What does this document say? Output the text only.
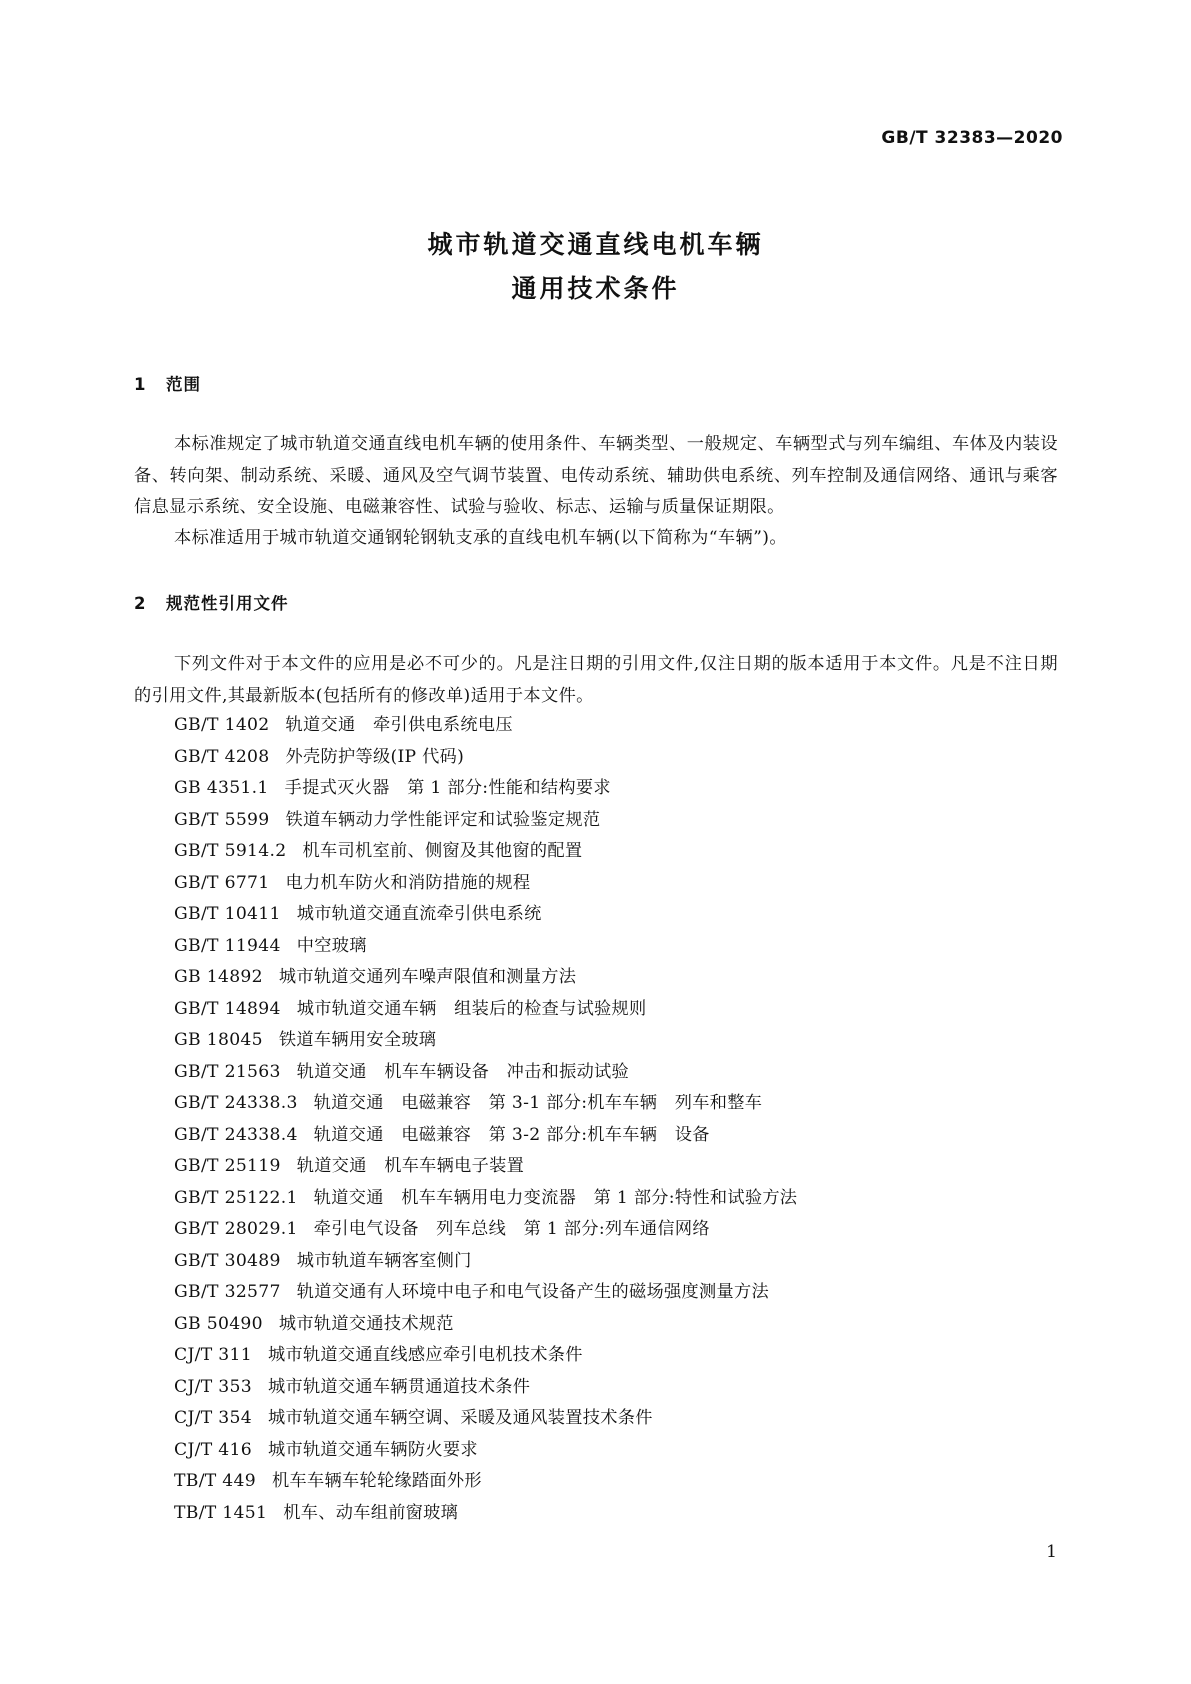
GB/T 32383—2020

城市轨道交通直线电机车辆
通用技术条件
1 范围

本标准规定了城市轨道交通直线电机车辆的使用条件、车辆类型、一般规定、车辆型式与列车编组、车体及内装设备、转向架、制动系统、采暖、通风及空气调节装置、电传动系统、辅助供电系统、列车控制及通信网络、通讯与乘客信息显示系统、安全设施、电磁兼容性、试验与验收、标志、运输与质量保证期限。

本标准适用于城市轨道交通钢轮钢轨支承的直线电机车辆(以下简称为“车辆”)。

2 规范性引用文件

下列文件对于本文件的应用是必不可少的。凡是注日期的引用文件,仅注日期的版本适用于本文件。凡是不注日期的引用文件,其最新版本(包括所有的修改单)适用于本文件。

GB/T 1402 轨道交通　牵引供电系统电压
GB/T 4208 外壳防护等级(IP 代码)
GB 4351.1 手提式灭火器　第 1 部分:性能和结构要求
GB/T 5599 铁道车辆动力学性能评定和试验鉴定规范
GB/T 5914.2 机车司机室前、侧窗及其他窗的配置
GB/T 6771 电力机车防火和消防措施的规程
GB/T 10411 城市轨道交通直流牵引供电系统
GB/T 11944 中空玻璃
GB 14892 城市轨道交通列车噪声限值和测量方法
GB/T 14894 城市轨道交通车辆　组装后的检查与试验规则
GB 18045 铁道车辆用安全玻璃
GB/T 21563 轨道交通　机车车辆设备　冲击和振动试验
GB/T 24338.3 轨道交通　电磁兼容　第 3-1 部分:机车车辆　列车和整车
GB/T 24338.4 轨道交通　电磁兼容　第 3-2 部分:机车车辆　设备
GB/T 25119 轨道交通　机车车辆电子装置
GB/T 25122.1 轨道交通　机车车辆用电力变流器　第 1 部分:特性和试验方法
GB/T 28029.1 牵引电气设备　列车总线　第 1 部分:列车通信网络
GB/T 30489 城市轨道车辆客室侧门
GB/T 32577 轨道交通有人环境中电子和电气设备产生的磁场强度测量方法
GB 50490 城市轨道交通技术规范
CJ/T 311 城市轨道交通直线感应牵引电机技术条件
CJ/T 353 城市轨道交通车辆贯通道技术条件
CJ/T 354 城市轨道交通车辆空调、采暖及通风装置技术条件
CJ/T 416 城市轨道交通车辆防火要求
TB/T 449 机车车辆车轮轮缘踏面外形
TB/T 1451 机车、动车组前窗玻璃

1
